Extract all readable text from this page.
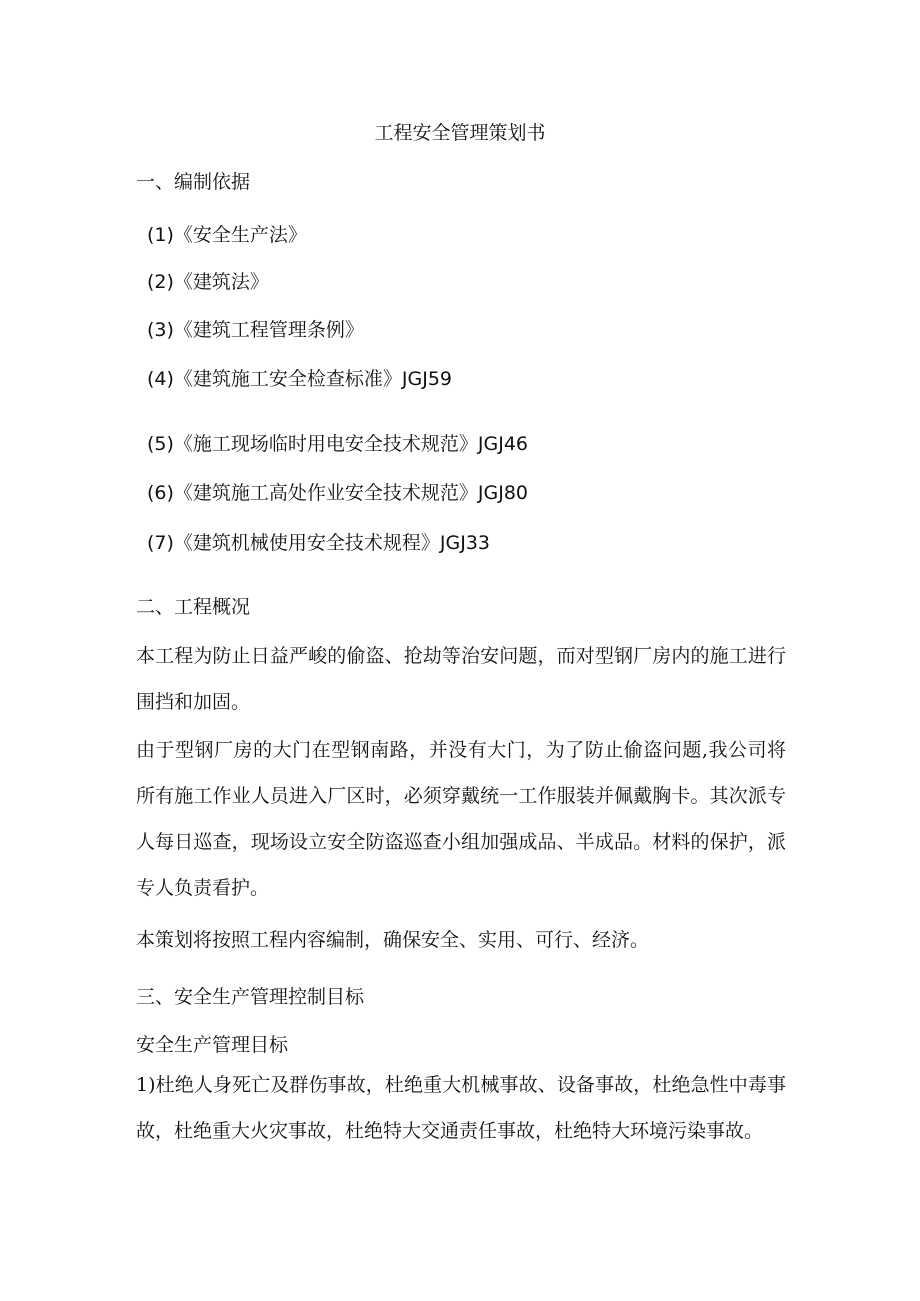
工程安全管理策划书
一、编制依据
(1)《安全生产法》
(2)《建筑法》
(3)《建筑工程管理条例》
(4)《建筑施工安全检查标准》JGJ59
(5)《施工现场临时用电安全技术规范》JGJ46
(6)《建筑施工高处作业安全技术规范》JGJ80
(7)《建筑机械使用安全技术规程》JGJ33
二、工程概况

本工程为防止日益严峻的偷盗、抢劫等治安问题，而对型钢厂房内的施工进行围挡和加固。

由于型钢厂房的大门在型钢南路，并没有大门，为了防止偷盗问题,我公司将所有施工作业人员进入厂区时，必须穿戴统一工作服装并佩戴胸卡。其次派专人每日巡查，现场设立安全防盗巡查小组加强成品、半成品。材料的保护，派专人负责看护。

本策划将按照工程内容编制，确保安全、实用、可行、经济。

三、安全生产管理控制目标
安全生产管理目标

1)杜绝人身死亡及群伤事故，杜绝重大机械事故、设备事故，杜绝急性中毒事故，杜绝重大火灾事故，杜绝特大交通责任事故，杜绝特大环境污染事故。
